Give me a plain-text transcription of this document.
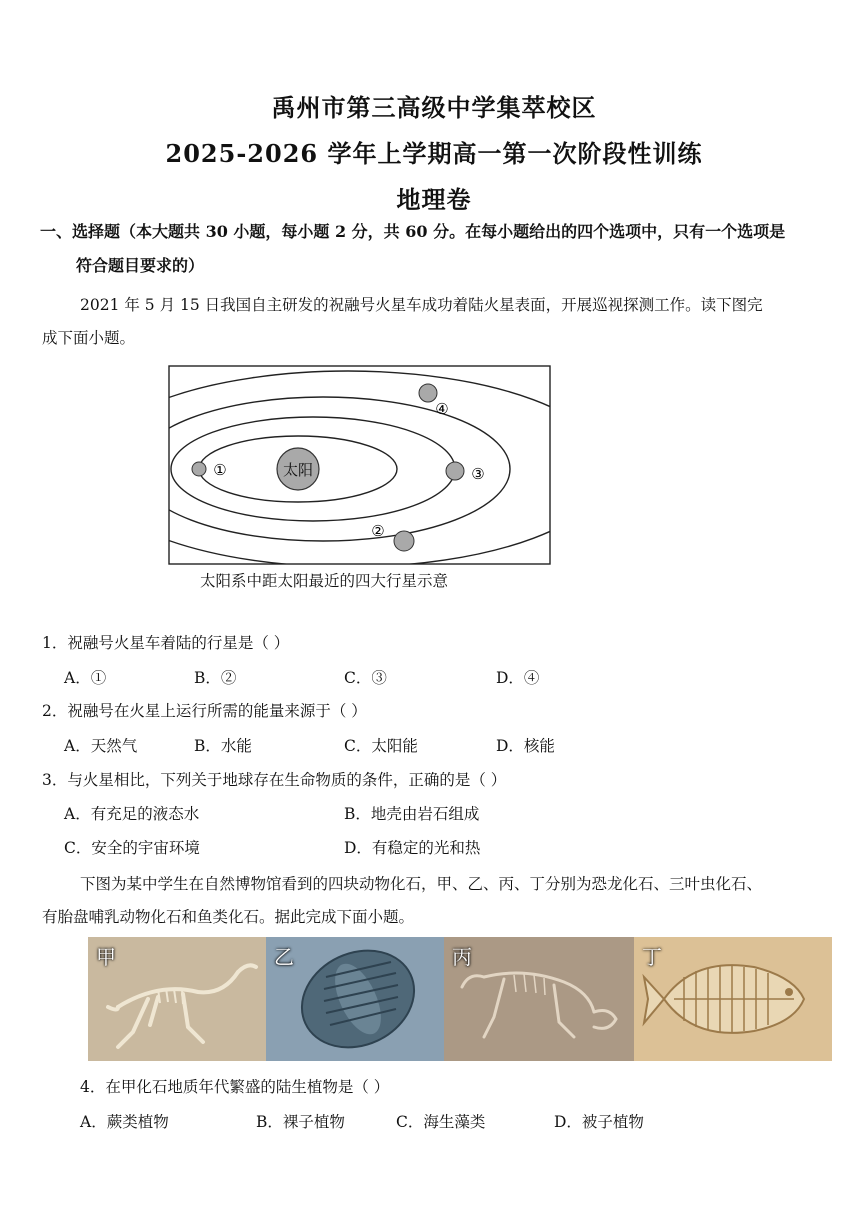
禹州市第三高级中学集萃校区
2025-2026 学年上学期高一第一次阶段性训练
地理卷
一、选择题（本大题共 30 小题，每小题 2 分，共 60 分。在每小题给出的四个选项中，只有一个选项是
符合题目要求的）
2021 年 5 月 15 日我国自主研发的祝融号火星车成功着陆火星表面，开展巡视探测工作。读下图完
成下面小题。
太阳
①
②
③
④
太阳系中距太阳最近的四大行星示意
1．祝融号火星车着陆的行星是（ ）
A．①	B．②	C．③	D．④
2．祝融号在火星上运行所需的能量来源于（ ）
A．天然气	B．水能	C．太阳能	D．核能
3．与火星相比，下列关于地球存在生命物质的条件，正确的是（ ）
A．有充足的液态水	B．地壳由岩石组成
C．安全的宇宙环境	D．有稳定的光和热
下图为某中学生在自然博物馆看到的四块动物化石，甲、乙、丙、丁分别为恐龙化石、三叶虫化石、
有胎盘哺乳动物化石和鱼类化石。据此完成下面小题。
甲	乙	丙	丁
4．在甲化石地质年代繁盛的陆生植物是（ ）
A．蕨类植物	B．裸子植物	C．海生藻类	D．被子植物
